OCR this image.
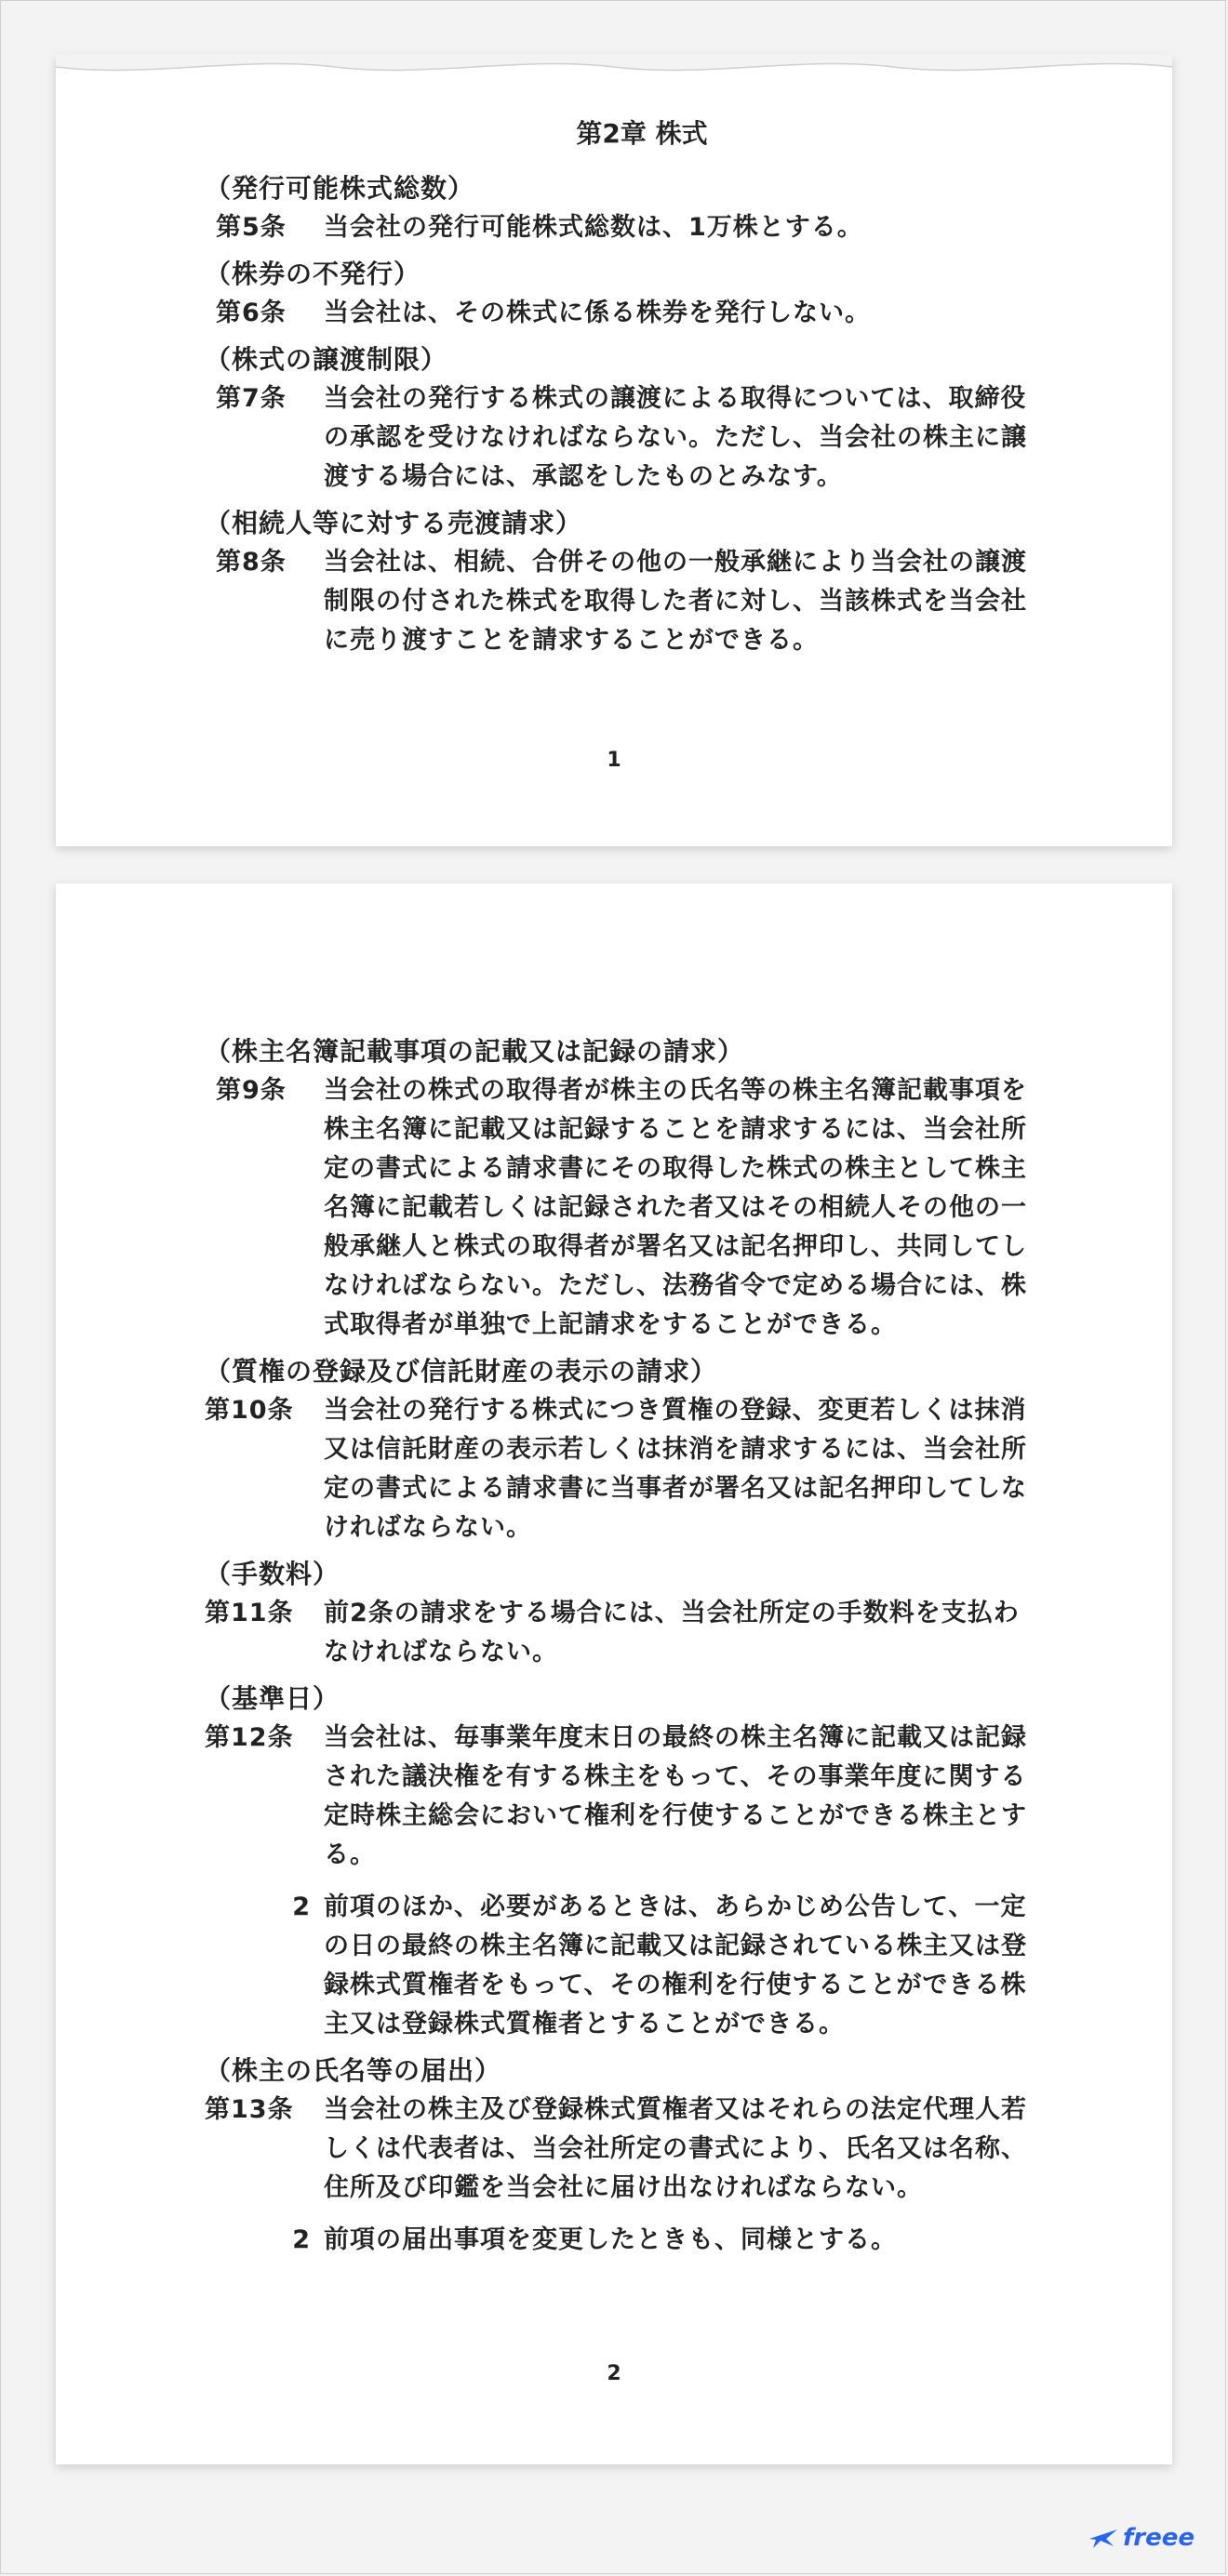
第2章 株式
（発行可能株式総数）
第5条	当会社の発行可能株式総数は、1万株とする。
（株券の不発行）
第6条	当会社は、その株式に係る株券を発行しない。
（株式の譲渡制限）
第7条	当会社の発行する株式の譲渡による取得については、取締役の承認を受けなければならない。ただし、当会社の株主に譲渡する場合には、承認をしたものとみなす。
（相続人等に対する売渡請求）
第8条	当会社は、相続、合併その他の一般承継により当会社の譲渡制限の付された株式を取得した者に対し、当該株式を当会社に売り渡すことを請求することができる。
1
（株主名簿記載事項の記載又は記録の請求）
第9条	当会社の株式の取得者が株主の氏名等の株主名簿記載事項を株主名簿に記載又は記録することを請求するには、当会社所定の書式による請求書にその取得した株式の株主として株主名簿に記載若しくは記録された者又はその相続人その他の一般承継人と株式の取得者が署名又は記名押印し、共同してしなければならない。ただし、法務省令で定める場合には、株式取得者が単独で上記請求をすることができる。
（質権の登録及び信託財産の表示の請求）
第10条	当会社の発行する株式につき質権の登録、変更若しくは抹消又は信託財産の表示若しくは抹消を請求するには、当会社所定の書式による請求書に当事者が署名又は記名押印してしなければならない。
（手数料）
第11条	前2条の請求をする場合には、当会社所定の手数料を支払わなければならない。
（基準日）
第12条	当会社は、毎事業年度末日の最終の株主名簿に記載又は記録された議決権を有する株主をもって、その事業年度に関する定時株主総会において権利を行使することができる株主とする。
2 前項のほか、必要があるときは、あらかじめ公告して、一定の日の最終の株主名簿に記載又は記録されている株主又は登録株式質権者をもって、その権利を行使することができる株主又は登録株式質権者とすることができる。
（株主の氏名等の届出）
第13条	当会社の株主及び登録株式質権者又はそれらの法定代理人若しくは代表者は、当会社所定の書式により、氏名又は名称、住所及び印鑑を当会社に届け出なければならない。
2 前項の届出事項を変更したときも、同様とする。
2
freee
